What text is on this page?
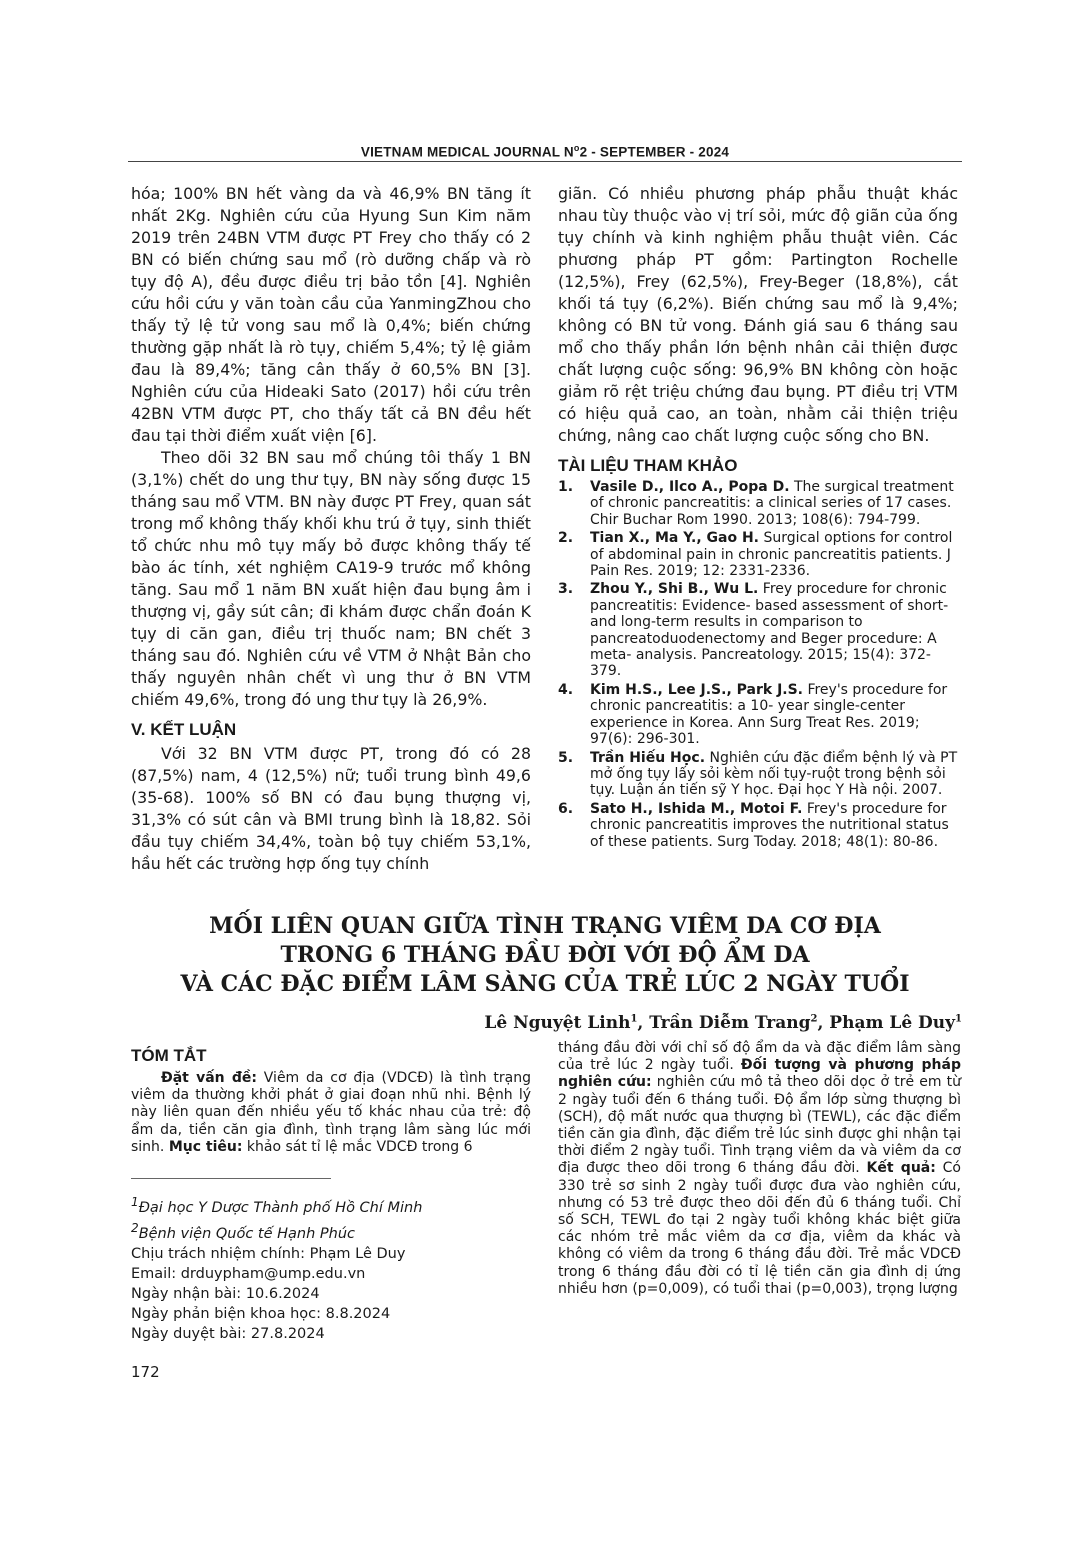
VIETNAM MEDICAL JOURNAL $N^o2$ - SEPTEMBER - 2024

hóa; 100% BN hết vàng da và 46,9% BN tăng ít nhất 2Kg. Nghiên cứu của Hyung Sun Kim năm 2019 trên 24BN VTM được PT Frey cho thấy có 2 BN có biến chứng sau mổ (rò dưỡng chấp và rò tụy độ A), đều được điều trị bảo tồn [4]. Nghiên cứu hồi cứu y văn toàn cầu của YanmingZhou cho thấy tỷ lệ tử vong sau mổ là 0,4%; biến chứng thường gặp nhất là rò tụy, chiếm 5,4%; tỷ lệ giảm đau là 89,4%; tăng cân thấy ở 60,5% BN [3]. Nghiên cứu của Hideaki Sato (2017) hồi cứu trên 42BN VTM được PT, cho thấy tất cả BN đều hết đau tại thời điểm xuất viện [6].

Theo dõi 32 BN sau mổ chúng tôi thấy 1 BN (3,1%) chết do ung thư tụy, BN này sống được 15 tháng sau mổ VTM. BN này được PT Frey, quan sát trong mổ không thấy khối khu trú ở tụy, sinh thiết tổ chức nhu mô tụy mấy bỏ được không thấy tế bào ác tính, xét nghiệm CA19-9 trước mổ không tăng. Sau mổ 1 năm BN xuất hiện đau bụng âm i thượng vị, gầy sút cân; đi khám được chẩn đoán K tụy di căn gan, điều trị thuốc nam; BN chết 3 tháng sau đó. Nghiên cứu về VTM ở Nhật Bản cho thấy nguyên nhân chết vì ung thư ở BN VTM chiếm 49,6%, trong đó ung thư tụy là 26,9%.

V. KẾT LUẬN

Với 32 BN VTM được PT, trong đó có 28 (87,5%) nam, 4 (12,5%) nữ; tuổi trung bình 49,6 (35-68). 100% số BN có đau bụng thượng vị, 31,3% có sút cân và BMI trung bình là 18,82. Sỏi đầu tụy chiếm 34,4%, toàn bộ tụy chiếm 53,1%, hầu hết các trường hợp ống tụy chính

giãn. Có nhiều phương pháp phẫu thuật khác nhau tùy thuộc vào vị trí sỏi, mức độ giãn của ống tụy chính và kinh nghiệm phẫu thuật viên. Các phương pháp PT gồm: Partington Rochelle (12,5%), Frey (62,5%), Frey-Beger (18,8%), cắt khối tá tụy (6,2%). Biến chứng sau mổ là 9,4%; không có BN tử vong. Đánh giá sau 6 tháng sau mổ cho thấy phần lớn bệnh nhân cải thiện được chất lượng cuộc sống: 96,9% BN không còn hoặc giảm rõ rệt triệu chứng đau bụng. PT điều trị VTM có hiệu quả cao, an toàn, nhằm cải thiện triệu chứng, nâng cao chất lượng cuộc sống cho BN.

TÀI LIỆU THAM KHẢO
1. Vasile D., Ilco A., Popa D. The surgical treatment of chronic pancreatitis: a clinical series of 17 cases. Chir Buchar Rom 1990. 2013; 108(6): 794-799.
2. Tian X., Ma Y., Gao H. Surgical options for control of abdominal pain in chronic pancreatitis patients. J Pain Res. 2019; 12: 2331-2336.
3. Zhou Y., Shi B., Wu L. Frey procedure for chronic pancreatitis: Evidence- based assessment of short-and long-term results in comparison to pancreatoduodenectomy and Beger procedure: A meta- analysis. Pancreatology. 2015; 15(4): 372-379.
4. Kim H.S., Lee J.S., Park J.S. Frey's procedure for chronic pancreatitis: a 10- year single-center experience in Korea. Ann Surg Treat Res. 2019; 97(6): 296-301.
5. Trần Hiếu Học. Nghiên cứu đặc điểm bệnh lý và PT mở ống tụy lấy sỏi kèm nối tụy-ruột trong bệnh sỏi tụy. Luận án tiến sỹ Y học. Đại học Y Hà nội. 2007.
6. Sato H., Ishida M., Motoi F. Frey's procedure for chronic pancreatitis improves the nutritional status of these patients. Surg Today. 2018; 48(1): 80-86.
MỐI LIÊN QUAN GIỮA TÌNH TRẠNG VIÊM DA CƠ ĐỊA
TRONG 6 THÁNG ĐẦU ĐỜI VỚI ĐỘ ẨM DA
VÀ CÁC ĐẶC ĐIỂM LÂM SÀNG CỦA TRẺ LÚC 2 NGÀY TUỔI
Lê Nguyệt Linh$^1$, Trần Diễm Trang$^2$, Phạm Lê Duy$^1$
TÓM TẮT

Đặt vấn đề: Viêm da cơ địa (VDCĐ) là tình trạng viêm da thường khởi phát ở giai đoạn nhũ nhi. Bệnh lý này liên quan đến nhiều yếu tố khác nhau của trẻ: độ ẩm da, tiền căn gia đình, tình trạng lâm sàng lúc mới sinh. Mục tiêu: khảo sát tỉ lệ mắc VDCĐ trong 6

tháng đầu đời với chỉ số độ ẩm da và đặc điểm lâm sàng của trẻ lúc 2 ngày tuổi. Đối tượng và phương pháp nghiên cứu: nghiên cứu mô tả theo dõi dọc ở trẻ em từ 2 ngày tuổi đến 6 tháng tuổi. Độ ẩm lớp sừng thượng bì (SCH), độ mất nước qua thượng bì (TEWL), các đặc điểm tiền căn gia đình, đặc điểm trẻ lúc sinh được ghi nhận tại thời điểm 2 ngày tuổi. Tình trạng viêm da và viêm da cơ địa được theo dõi trong 6 tháng đầu đời. Kết quả: Có 330 trẻ sơ sinh 2 ngày tuổi được đưa vào nghiên cứu, nhưng có 53 trẻ được theo dõi đến đủ 6 tháng tuổi. Chỉ số SCH, TEWL đo tại 2 ngày tuổi không khác biệt giữa các nhóm trẻ mắc viêm da cơ địa, viêm da khác và không có viêm da trong 6 tháng đầu đời. Trẻ mắc VDCĐ trong 6 tháng đầu đời có tỉ lệ tiền căn gia đình dị ứng nhiều hơn (p=0,009), có tuổi thai (p=0,003), trọng lượng

$^1$Đại học Y Dược Thành phố Hồ Chí Minh
$^2$Bệnh viện Quốc tế Hạnh Phúc
Chịu trách nhiệm chính: Phạm Lê Duy
Email: drduypham@ump.edu.vn
Ngày nhận bài: 10.6.2024
Ngày phản biện khoa học: 8.8.2024
Ngày duyệt bài: 27.8.2024
172
